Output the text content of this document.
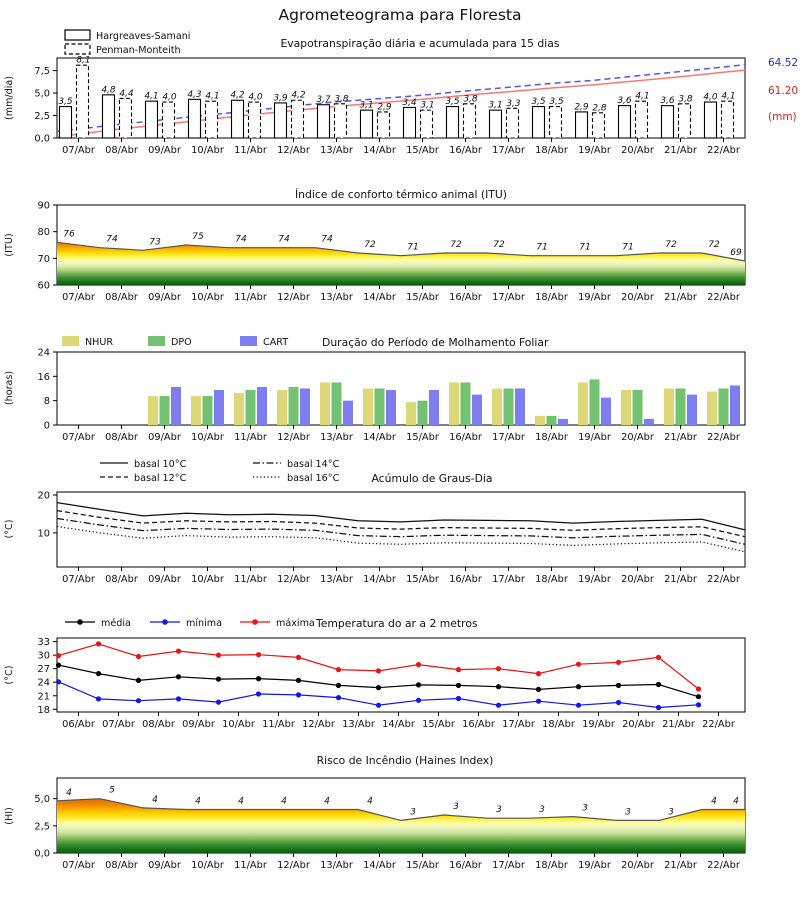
Agrometeograma para Floresta
Hargreaves-Samani
Penman-Monteith
Evapotranspiração diária e acumulada para 15 dias
(mm/dia)
64.52
61.20
(mm)
0,0
2,5
5,0
7,5
07/Abr 08/Abr 09/Abr 10/Abr 11/Abr 12/Abr 13/Abr 14/Abr 15/Abr 16/Abr 17/Abr 18/Abr 19/Abr 20/Abr 21/Abr 22/Abr
3,5
4,8
4,1	4,3	4,2	3,9	3,7
3,1	3,4	3,5	3,1	3,5
2,9
3,6	3,6	4,0
8,1
4,4	4,0	4,1	4,0	4,2	3,8
2,9	3,1
3,8	3,3	3,5
2,8
4,1	3,8	4,1
Índice de conforto térmico animal (ITU)
(ITU)
60
70
80
90
07/Abr 08/Abr 09/Abr 10/Abr 11/Abr 12/Abr 13/Abr 14/Abr 15/Abr 16/Abr 17/Abr 18/Abr 19/Abr 20/Abr 21/Abr 22/Abr
76
74	73
75	74	74	74
72	71	72	72	71	71	71	72	72
69
NHUR	DPO	CART	Duração do Período de Molhamento Foliar
(horas)
0
8
16
24
07/Abr 08/Abr 09/Abr 10/Abr 11/Abr 12/Abr 13/Abr 14/Abr 15/Abr 16/Abr 17/Abr 18/Abr 19/Abr 20/Abr 21/Abr 22/Abr
basal 10°C
basal 12°C
basal 14°C
basal 16°C	Acúmulo de Graus-Dia
(°C) 10
20
07/Abr 08/Abr 09/Abr 10/Abr 11/Abr 12/Abr 13/Abr 14/Abr 15/Abr 16/Abr 17/Abr 18/Abr 19/Abr 20/Abr 21/Abr 22/Abr
média	mínima	máxima Temperatura do ar a 2 metros
(°C)
18
21
24
27
30
33
06/Abr 07/Abr 08/Abr 09/Abr 10/Abr 11/Abr 12/Abr 13/Abr 14/Abr 15/Abr 16/Abr 17/Abr 18/Abr 19/Abr 20/Abr 21/Abr 22/Abr
Risco de Incêndio (Haines Index)
(HI)
0,0
2,5
5,0
07/Abr 08/Abr 09/Abr 10/Abr 11/Abr 12/Abr 13/Abr 14/Abr 15/Abr 16/Abr 17/Abr 18/Abr 19/Abr 20/Abr 21/Abr 22/Abr
4	5
4	4	4	4	4	4
3
3	3	3	3	3	3
4 4
